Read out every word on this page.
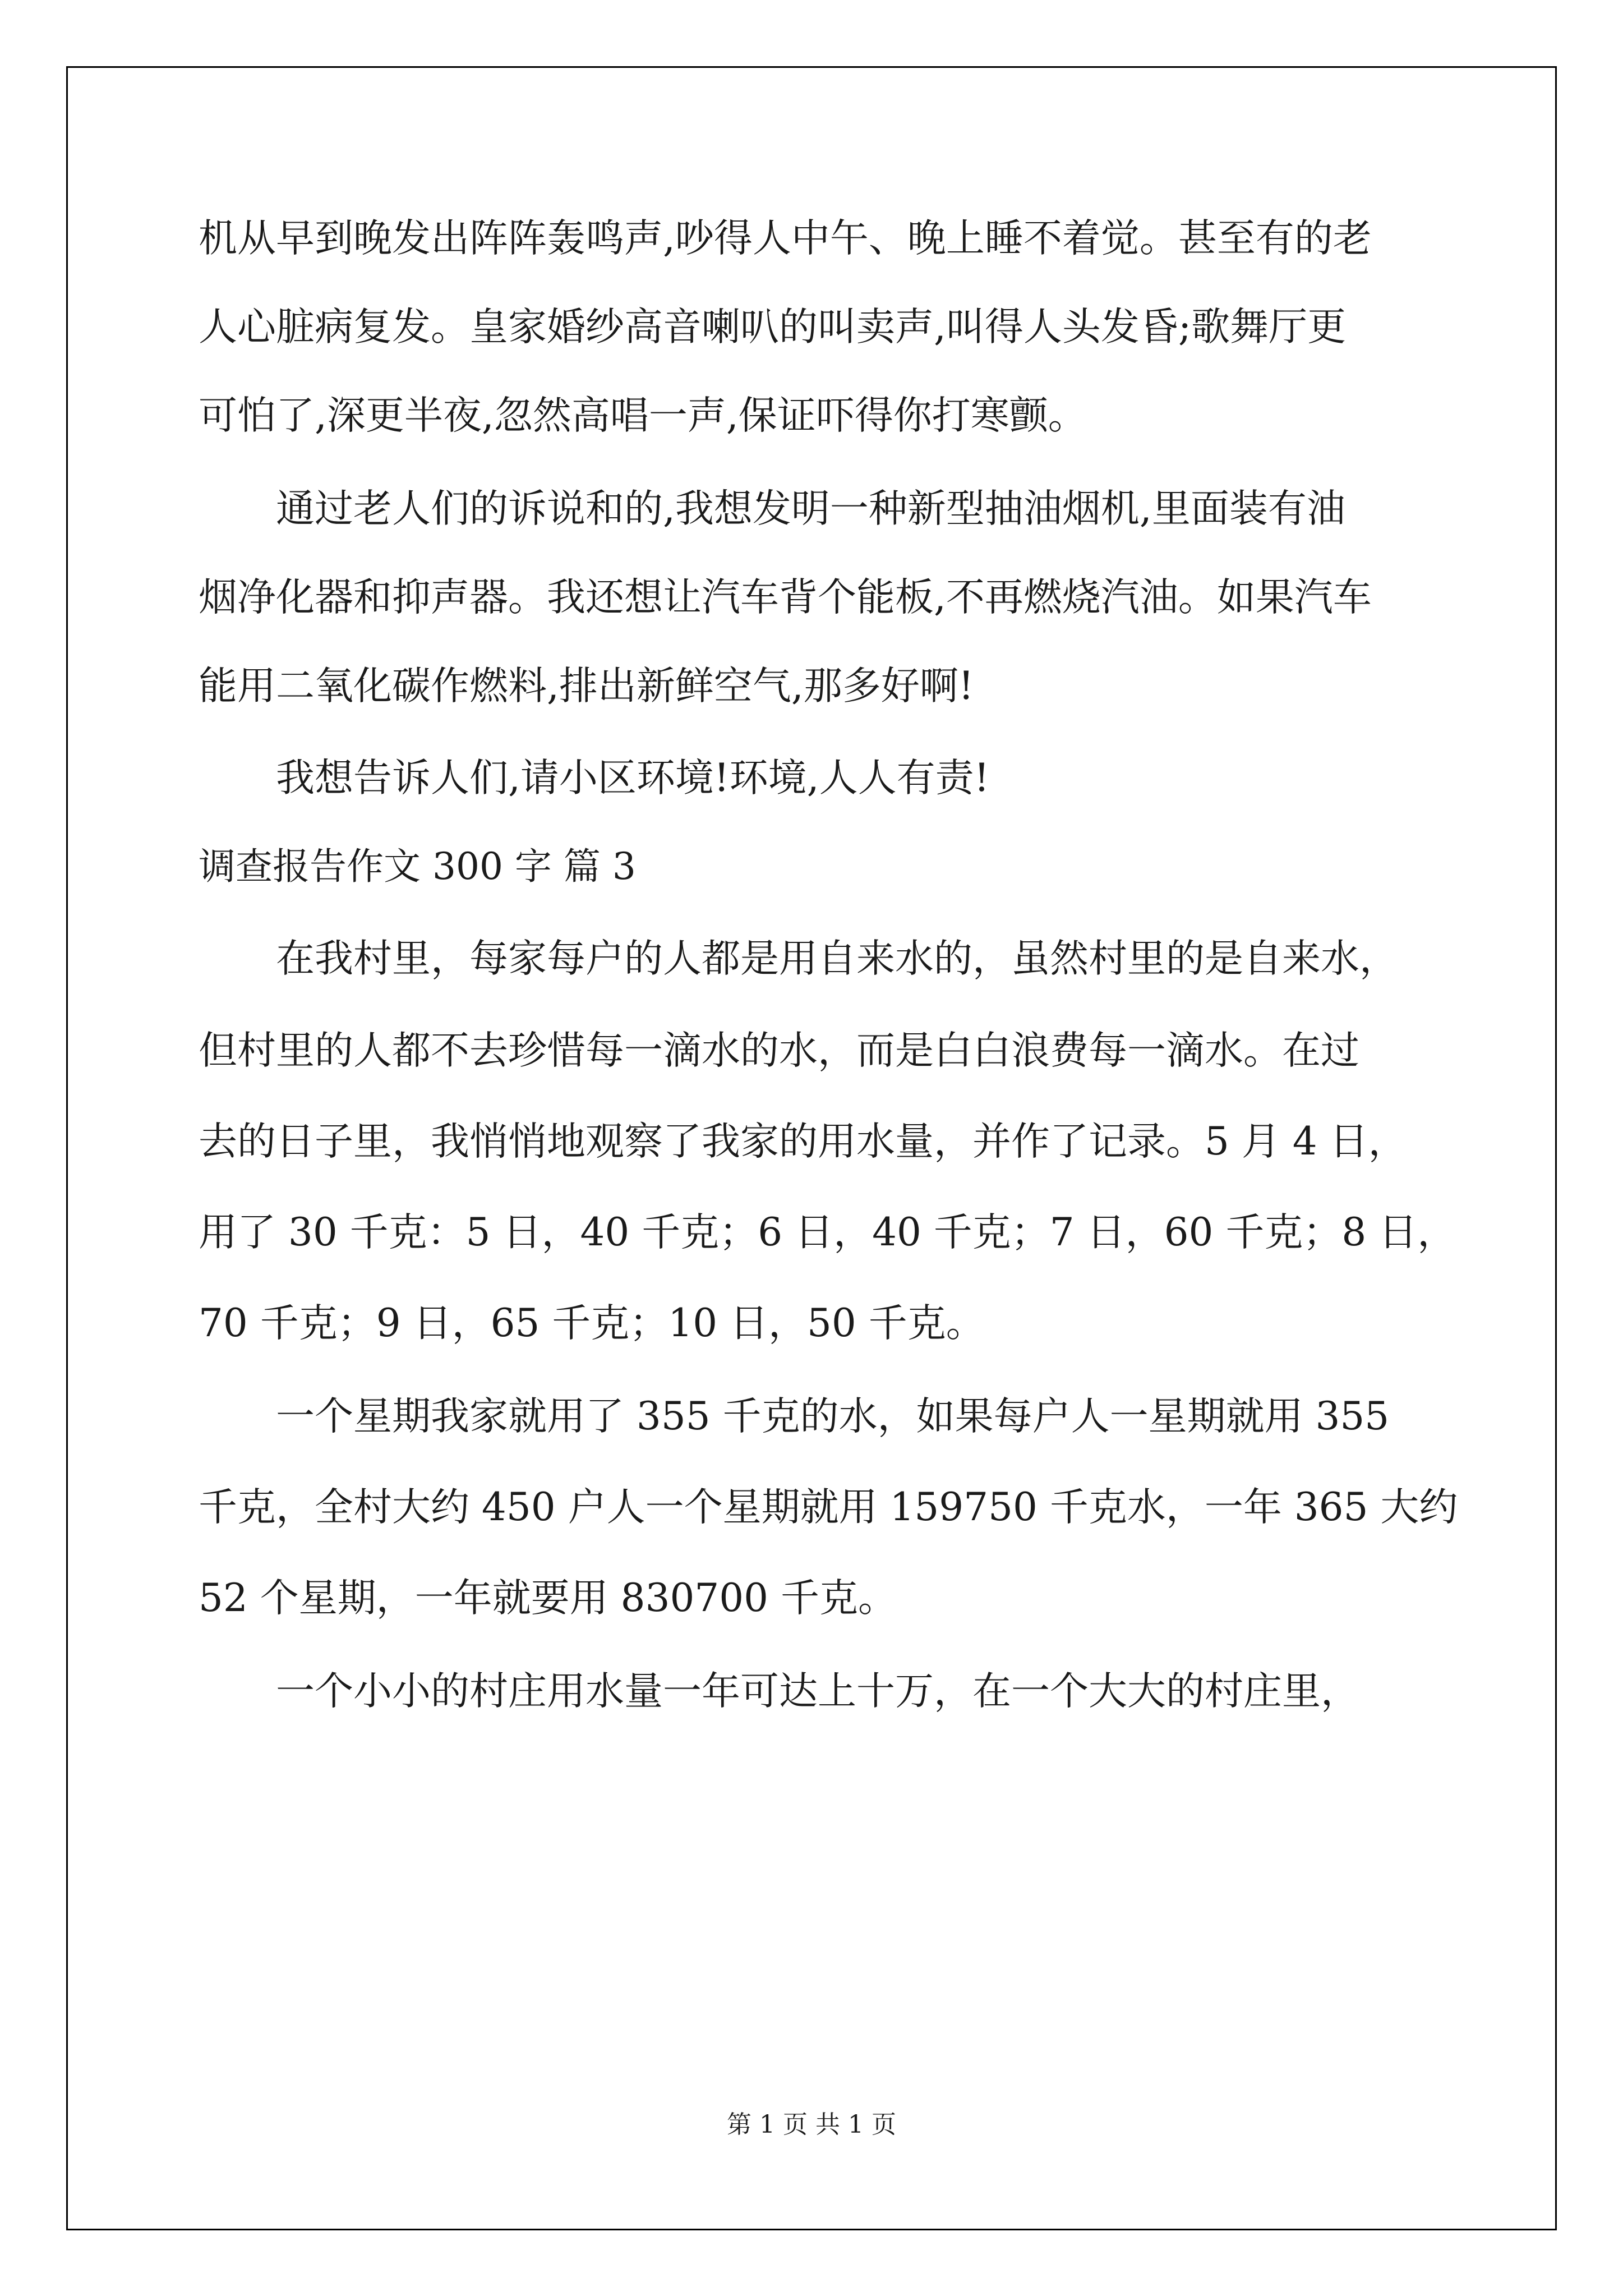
机从早到晚发出阵阵轰鸣声,吵得人中午、晚上睡不着觉。甚至有的老
人心脏病复发。皇家婚纱高音喇叭的叫卖声,叫得人头发昏;歌舞厅更
可怕了,深更半夜,忽然高唱一声,保证吓得你打寒颤。
通过老人们的诉说和的,我想发明一种新型抽油烟机,里面装有油
烟净化器和抑声器。我还想让汽车背个能板,不再燃烧汽油。如果汽车
能用二氧化碳作燃料,排出新鲜空气,那多好啊!
我想告诉人们,请小区环境!环境,人人有责!
调查报告作文 300 字 篇 3
在我村里，每家每户的人都是用自来水的，虽然村里的是自来水，
但村里的人都不去珍惜每一滴水的水，而是白白浪费每一滴水。在过
去的日子里，我悄悄地观察了我家的用水量，并作了记录。5 月 4 日，
用了 30 千克：5 日，40 千克；6 日，40 千克；7 日，60 千克；8 日，
70 千克；9 日，65 千克；10 日，50 千克。
一个星期我家就用了 355 千克的水，如果每户人一星期就用 355
千克，全村大约 450 户人一个星期就用 159750 千克水，一年 365 大约
52 个星期，一年就要用 830700 千克。
一个小小的村庄用水量一年可达上十万，在一个大大的村庄里，
第 1 页 共 1 页
